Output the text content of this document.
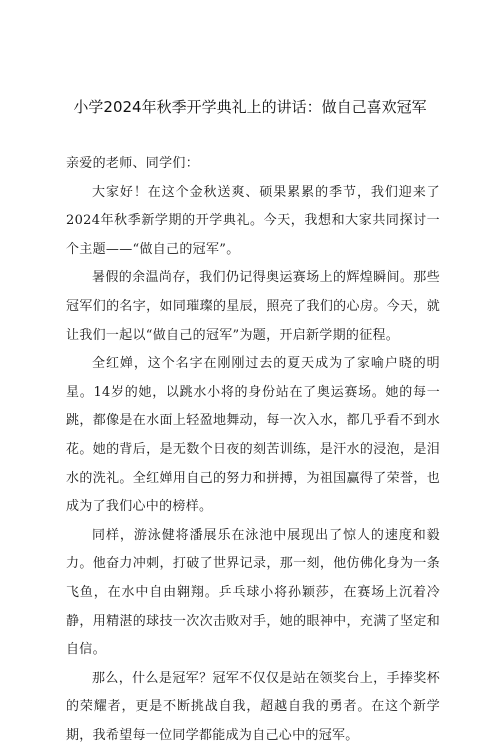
小学2024年秋季开学典礼上的讲话：做自己喜欢冠军

亲爱的老师、同学们：

大家好！在这个金秋送爽、硕果累累的季节，我们迎来了2024年秋季新学期的开学典礼。今天，我想和大家共同探讨一个主题——“做自己的冠军”。

暑假的余温尚存，我们仍记得奥运赛场上的辉煌瞬间。那些冠军们的名字，如同璀璨的星辰，照亮了我们的心房。今天，就让我们一起以“做自己的冠军”为题，开启新学期的征程。

全红婵，这个名字在刚刚过去的夏天成为了家喻户晓的明星。14岁的她，以跳水小将的身份站在了奥运赛场。她的每一跳，都像是在水面上轻盈地舞动，每一次入水，都几乎看不到水花。她的背后，是无数个日夜的刻苦训练，是汗水的浸泡，是泪水的洗礼。全红婵用自己的努力和拼搏，为祖国赢得了荣誉，也成为了我们心中的榜样。

同样，游泳健将潘展乐在泳池中展现出了惊人的速度和毅力。他奋力冲刺，打破了世界记录，那一刻，他仿佛化身为一条飞鱼，在水中自由翱翔。乒乓球小将孙颖莎，在赛场上沉着冷静，用精湛的球技一次次击败对手，她的眼神中，充满了坚定和自信。

那么，什么是冠军？冠军不仅仅是站在领奖台上，手捧奖杯的荣耀者，更是不断挑战自我，超越自我的勇者。在这个新学期，我希望每一位同学都能成为自己心中的冠军。
